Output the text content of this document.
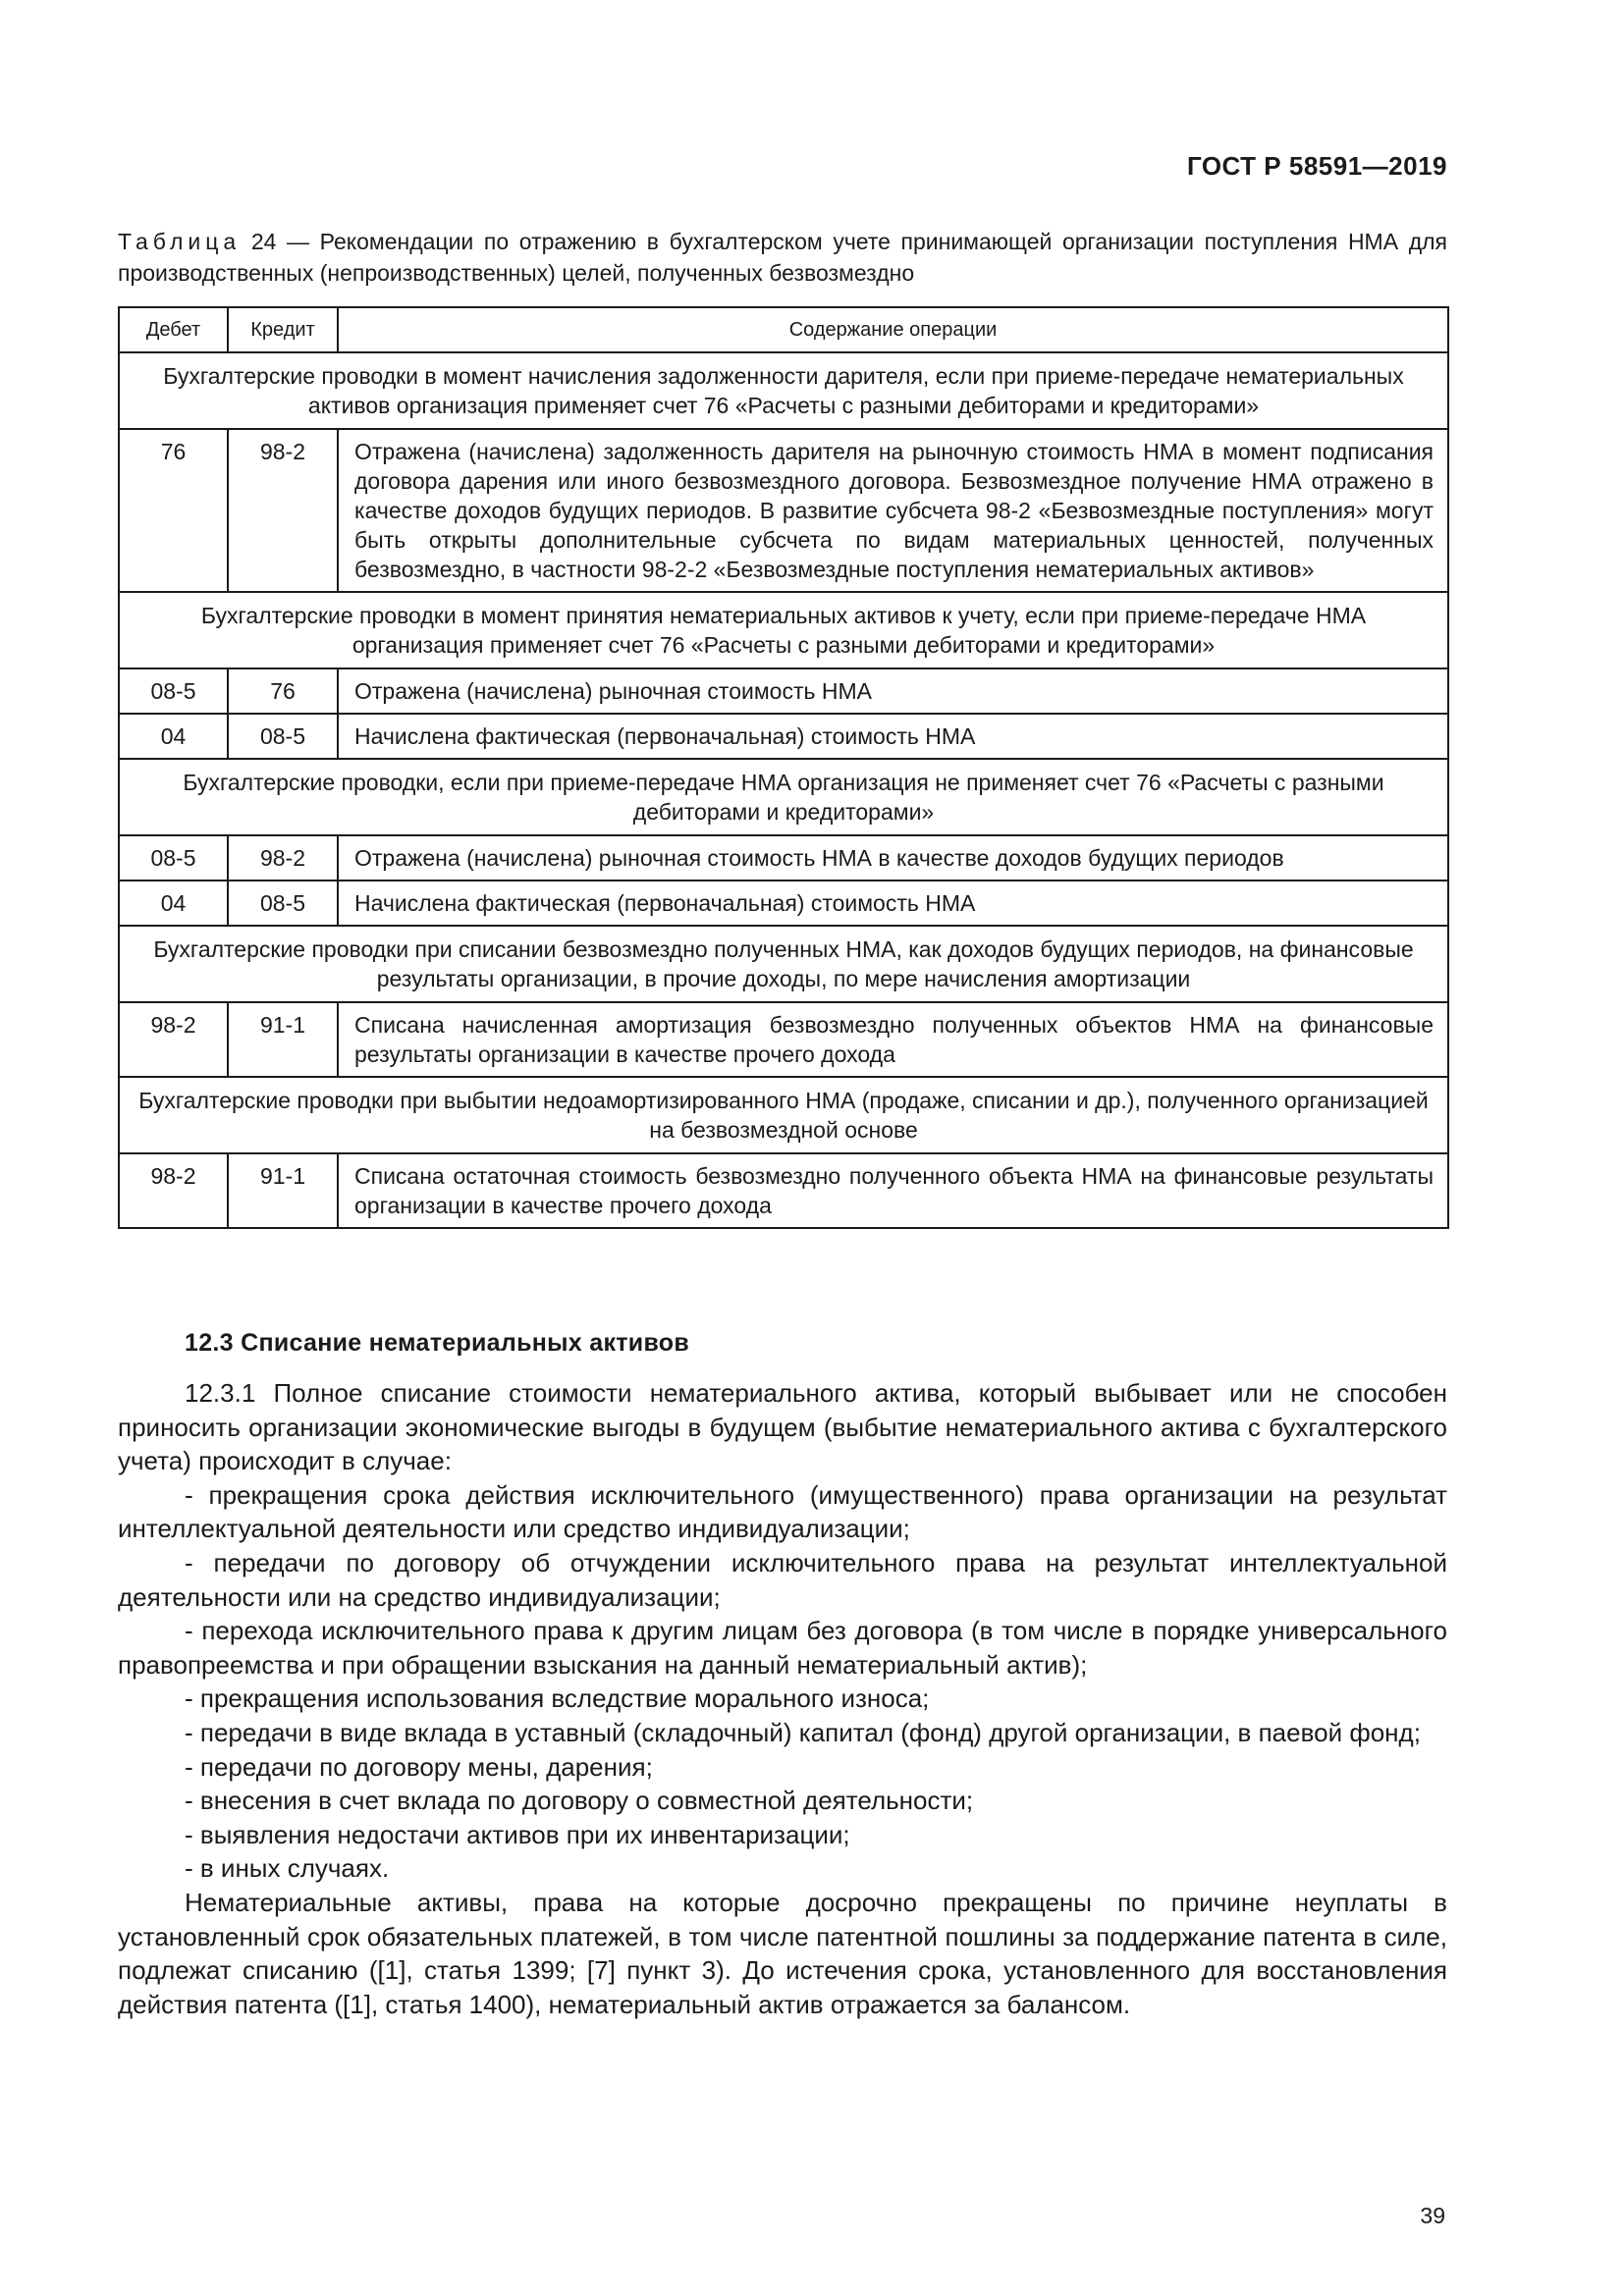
ГОСТ Р 58591—2019
Таблица 24 — Рекомендации по отражению в бухгалтерском учете принимающей организации поступления НМА для производственных (непроизводственных) целей, полученных безвозмездно
Дебет	Кредит	Содержание операции
Бухгалтерские проводки в момент начисления задолженности дарителя, если при приеме-передаче нематериальных активов организация применяет счет 76 «Расчеты с разными дебиторами и кредиторами»		
76	98-2	Отражена (начислена) задолженность дарителя на рыночную стоимость НМА в момент подписания договора дарения или иного безвозмездного договора. Безвозмездное получение НМА отражено в качестве доходов будущих периодов. В развитие субсчета 98-2 «Безвозмездные поступления» могут быть открыты дополнительные субсчета по видам материальных ценностей, полученных безвозмездно, в частности 98-2-2 «Безвозмездные поступления нематериальных активов»
Бухгалтерские проводки в момент принятия нематериальных активов к учету, если при приеме-передаче НМА организация применяет счет 76 «Расчеты с разными дебиторами и кредиторами»		
08-5	76	Отражена (начислена) рыночная стоимость НМА
04	08-5	Начислена фактическая (первоначальная) стоимость НМА
Бухгалтерские проводки, если при приеме-передаче НМА организация не применяет счет 76 «Расчеты с разными дебиторами и кредиторами»		
08-5	98-2	Отражена (начислена) рыночная стоимость НМА в качестве доходов будущих периодов
04	08-5	Начислена фактическая (первоначальная) стоимость НМА
Бухгалтерские проводки при списании безвозмездно полученных НМА, как доходов будущих периодов, на финансовые результаты организации, в прочие доходы, по мере начисления амортизации		
98-2	91-1	Списана начисленная амортизация безвозмездно полученных объектов НМА на финансовые результаты организации в качестве прочего дохода
Бухгалтерские проводки при выбытии недоамортизированного НМА (продаже, списании и др.), полученного организацией на безвозмездной основе		
98-2	91-1	Списана остаточная стоимость безвозмездно полученного объекта НМА на финансовые результаты организации в качестве прочего дохода
12.3 Списание нематериальных активов

12.3.1 Полное списание стоимости нематериального актива, который выбывает или не способен приносить организации экономические выгоды в будущем (выбытие нематериального актива с бухгалтерского учета) происходит в случае:

- прекращения срока действия исключительного (имущественного) права организации на результат интеллектуальной деятельности или средство индивидуализации;

- передачи по договору об отчуждении исключительного права на результат интеллектуальной деятельности или на средство индивидуализации;

- перехода исключительного права к другим лицам без договора (в том числе в порядке универсального правопреемства и при обращении взыскания на данный нематериальный актив);

- прекращения использования вследствие морального износа;

- передачи в виде вклада в уставный (складочный) капитал (фонд) другой организации, в паевой фонд;

- передачи по договору мены, дарения;

- внесения в счет вклада по договору о совместной деятельности;

- выявления недостачи активов при их инвентаризации;

- в иных случаях.

Нематериальные активы, права на которые досрочно прекращены по причине неуплаты в установленный срок обязательных платежей, в том числе патентной пошлины за поддержание патента в силе, подлежат списанию ([1], статья 1399; [7] пункт 3). До истечения срока, установленного для восстановления действия патента ([1], статья 1400), нематериальный актив отражается за балансом.

39
